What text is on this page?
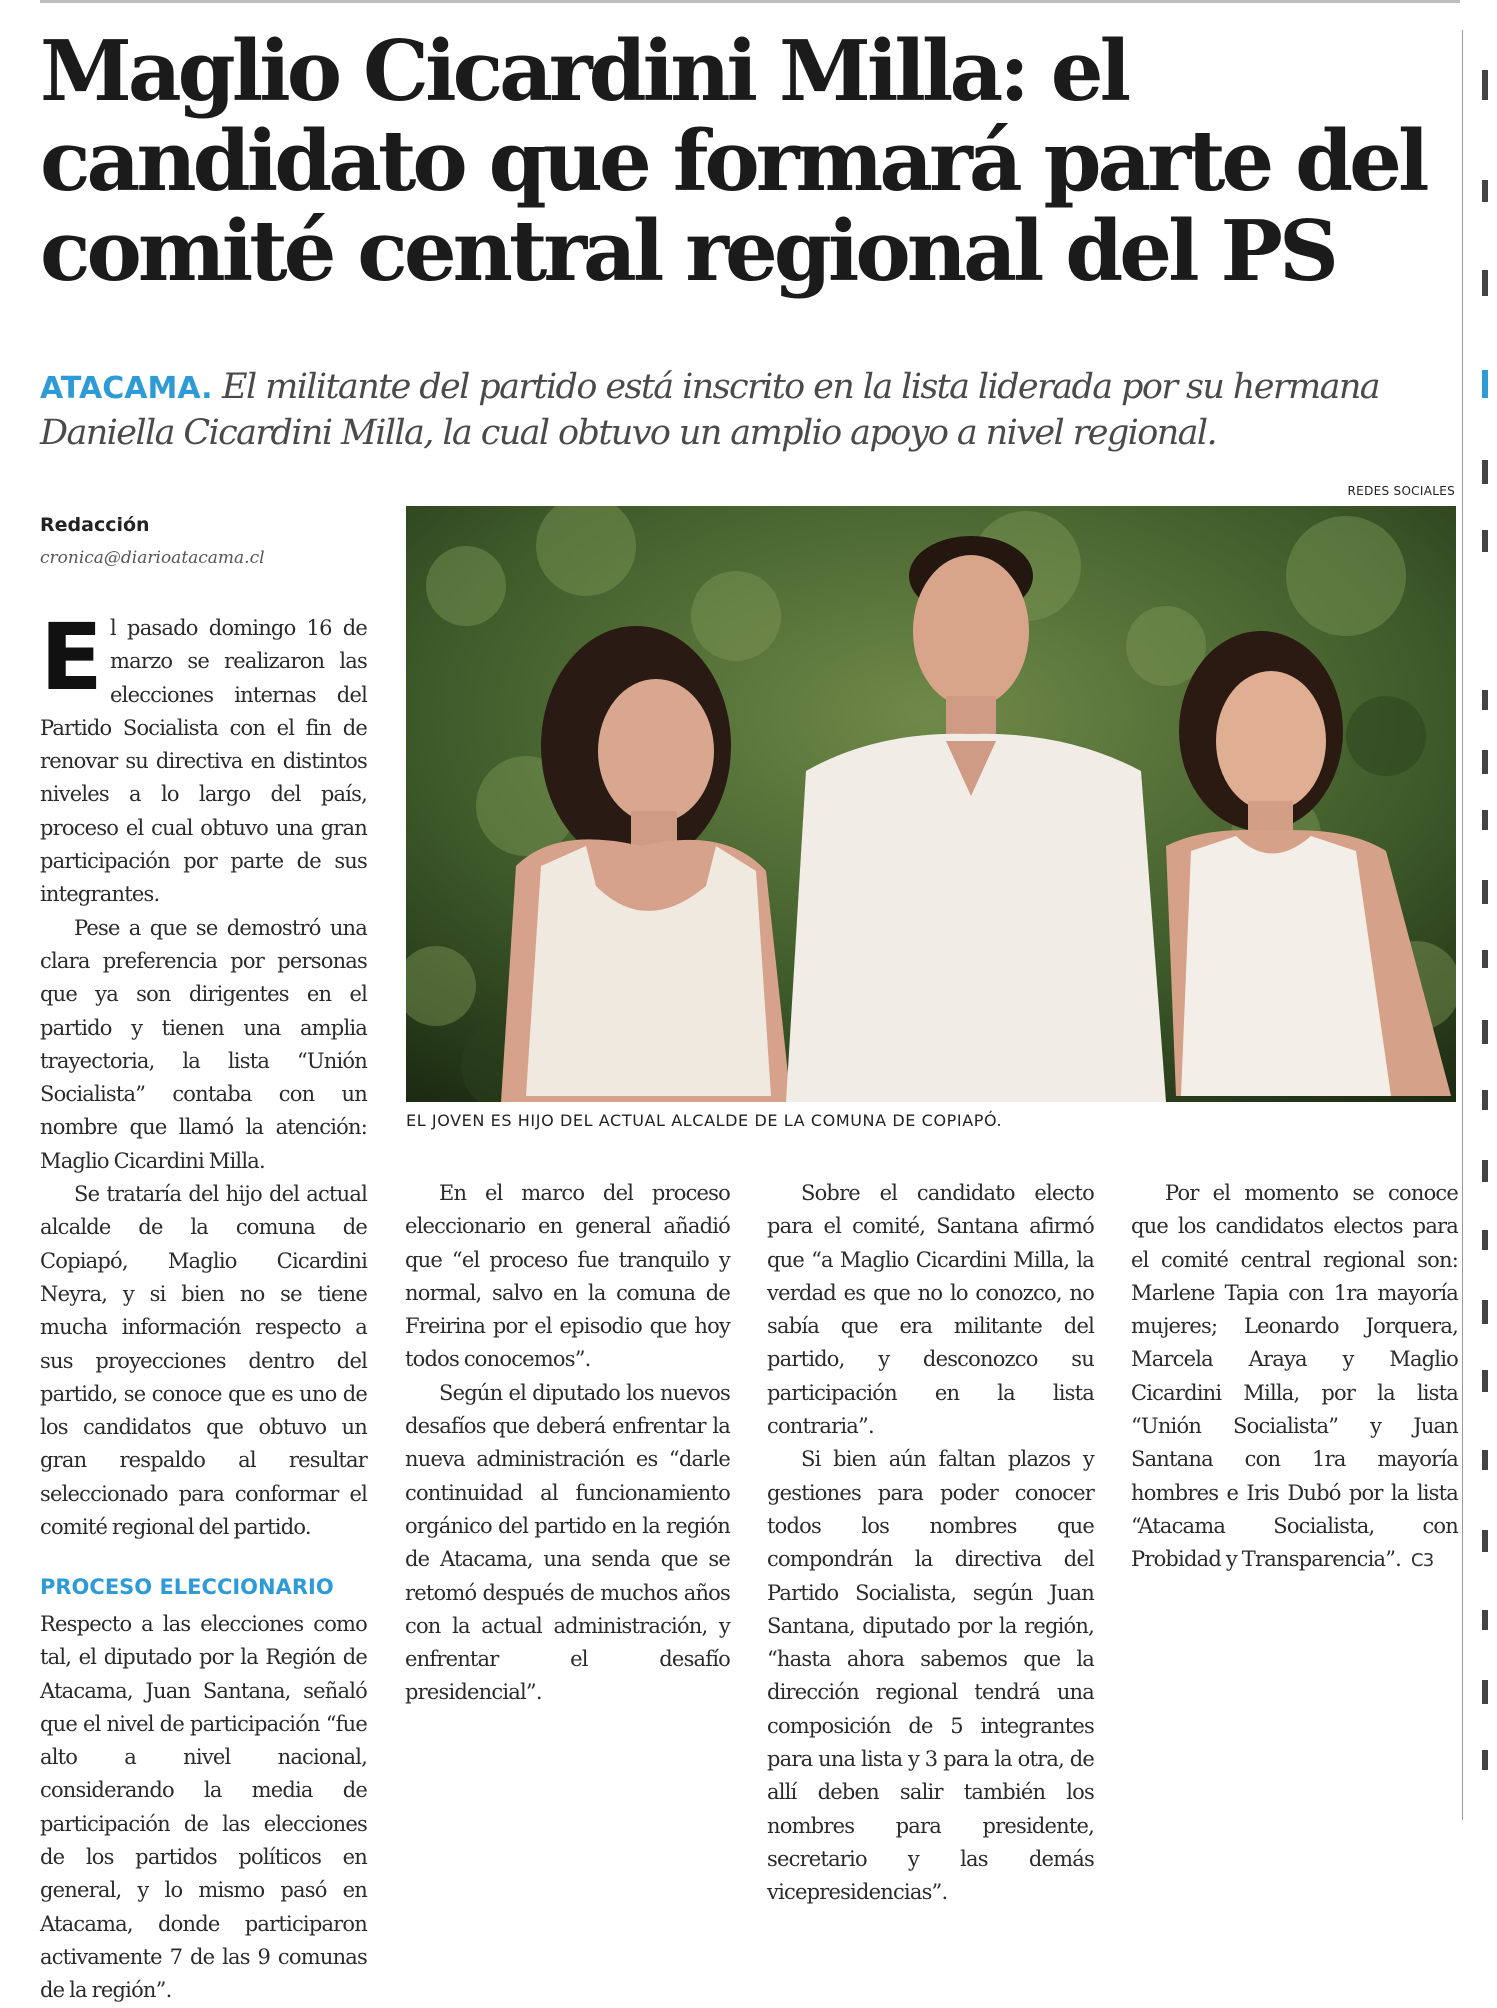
Maglio Cicardini Milla: el candidato que formará parte del comité central regional del PS

ATACAMA. El militante del partido está inscrito en la lista liderada por su hermana Daniella Cicardini Milla, la cual obtuvo un amplio apoyo a nivel regional.

Redacción

cronica@diarioatacama.cl

REDES SOCIALES

EL JOVEN ES HIJO DEL ACTUAL ALCALDE DE LA COMUNA DE COPIAPÓ.

El pasado domingo 16 de marzo se realizaron las elecciones internas del Partido Socialista con el fin de renovar su directiva en distintos niveles a lo largo del país, proceso el cual obtuvo una gran participación por parte de sus integrantes.

Pese a que se demostró una clara preferencia por personas que ya son dirigentes en el partido y tienen una amplia trayectoria, la lista “Unión Socialista” contaba con un nombre que llamó la atención: Maglio Cicardini Milla.

Se trataría del hijo del actual alcalde de la comuna de Copiapó, Maglio Cicardini Neyra, y si bien no se tiene mucha información respecto a sus proyecciones dentro del partido, se conoce que es uno de los candidatos que obtuvo un gran respaldo al resultar seleccionado para conformar el comité regional del partido.

PROCESO ELECCIONARIO

Respecto a las elecciones como tal, el diputado por la Región de Atacama, Juan Santana, señaló que el nivel de participación “fue alto a nivel nacional, considerando la media de participación de las elecciones de los partidos políticos en general, y lo mismo pasó en Atacama, donde participaron activamente 7 de las 9 comunas de la región”.

En el marco del proceso eleccionario en general añadió que “el proceso fue tranquilo y normal, salvo en la comuna de Freirina por el episodio que hoy todos conocemos”.

Según el diputado los nuevos desafíos que deberá enfrentar la nueva administración es “darle continuidad al funcionamiento orgánico del partido en la región de Atacama, una senda que se retomó después de muchos años con la actual administración, y enfrentar el desafío presidencial”.

Sobre el candidato electo para el comité, Santana afirmó que “a Maglio Cicardini Milla, la verdad es que no lo conozco, no sabía que era militante del partido, y desconozco su participación en la lista contraria”.

Si bien aún faltan plazos y gestiones para poder conocer todos los nombres que compondrán la directiva del Partido Socialista, según Juan Santana, diputado por la región, “hasta ahora sabemos que la dirección regional tendrá una composición de 5 integrantes para una lista y 3 para la otra, de allí deben salir también los nombres para presidente, secretario y las demás vicepresidencias”.

Por el momento se conoce que los candidatos electos para el comité central regional son: Marlene Tapia con 1ra mayoría mujeres; Leonardo Jorquera, Marcela Araya y Maglio Cicardini Milla, por la lista “Unión Socialista” y Juan Santana con 1ra mayoría hombres e Iris Dubó por la lista “Atacama Socialista, con Probidad y Transparencia”. C3
